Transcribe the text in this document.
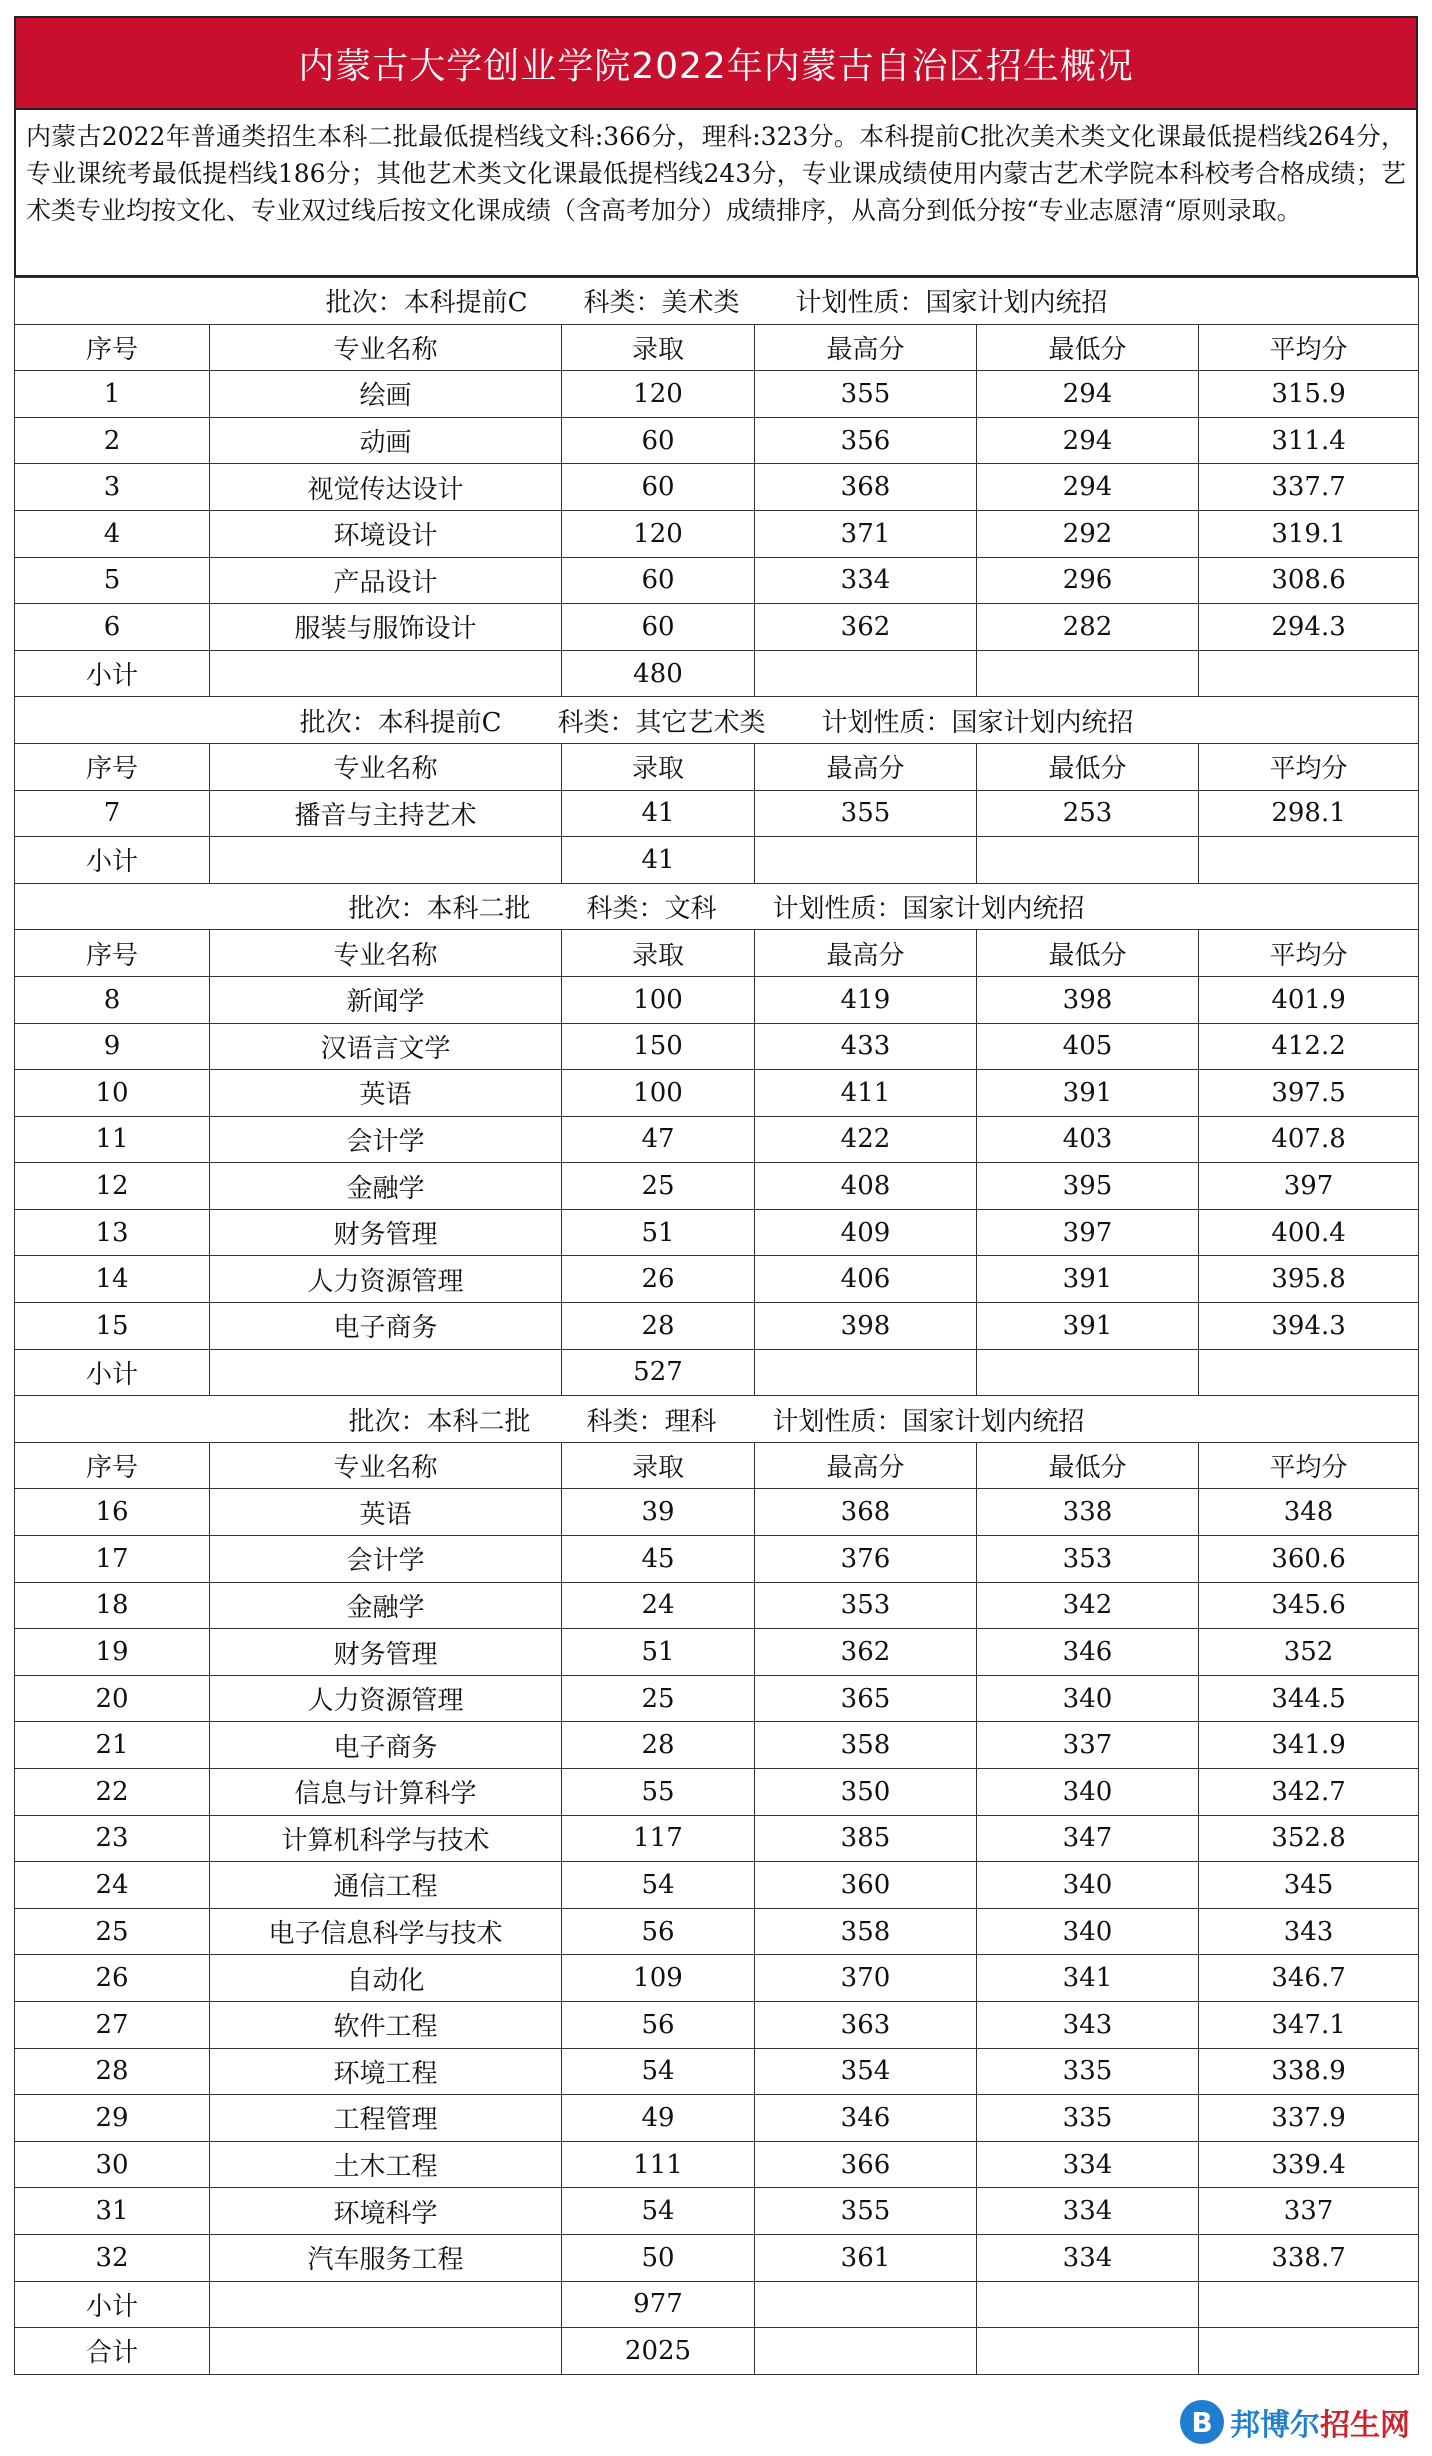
内蒙古大学创业学院2022年内蒙古自治区招生概况
内蒙古2022年普通类招生本科二批最低提档线文科:366分，理科:323分。本科提前C批次美术类文化课最低提档线264分，专业课统考最低提档线186分；其他艺术类文化课最低提档线243分，专业课成绩使用内蒙古艺术学院本科校考合格成绩；艺术类专业均按文化、专业双过线后按文化课成绩（含高考加分）成绩排序，从高分到低分按“专业志愿清“原则录取。
批次：本科提前C 科类：美术类 计划性质：国家计划内统招					
序号	专业名称	录取	最高分	最低分	平均分
1	绘画	120	355	294	315.9
2	动画	60	356	294	311.4
3	视觉传达设计	60	368	294	337.7
4	环境设计	120	371	292	319.1
5	产品设计	60	334	296	308.6
6	服装与服饰设计	60	362	282	294.3
小计		480			
批次：本科提前C 科类：其它艺术类 计划性质：国家计划内统招					
序号	专业名称	录取	最高分	最低分	平均分
7	播音与主持艺术	41	355	253	298.1
小计		41			
批次：本科二批 科类：文科 计划性质：国家计划内统招					
序号	专业名称	录取	最高分	最低分	平均分
8	新闻学	100	419	398	401.9
9	汉语言文学	150	433	405	412.2
10	英语	100	411	391	397.5
11	会计学	47	422	403	407.8
12	金融学	25	408	395	397
13	财务管理	51	409	397	400.4
14	人力资源管理	26	406	391	395.8
15	电子商务	28	398	391	394.3
小计		527			
批次：本科二批 科类：理科 计划性质：国家计划内统招					
序号	专业名称	录取	最高分	最低分	平均分
16	英语	39	368	338	348
17	会计学	45	376	353	360.6
18	金融学	24	353	342	345.6
19	财务管理	51	362	346	352
20	人力资源管理	25	365	340	344.5
21	电子商务	28	358	337	341.9
22	信息与计算科学	55	350	340	342.7
23	计算机科学与技术	117	385	347	352.8
24	通信工程	54	360	340	345
25	电子信息科学与技术	56	358	340	343
26	自动化	109	370	341	346.7
27	软件工程	56	363	343	347.1
28	环境工程	54	354	335	338.9
29	工程管理	49	346	335	337.9
30	土木工程	111	366	334	339.4
31	环境科学	54	355	334	337
32	汽车服务工程	50	361	334	338.7
小计		977			
合计		2025			
B 邦博尔招生网
